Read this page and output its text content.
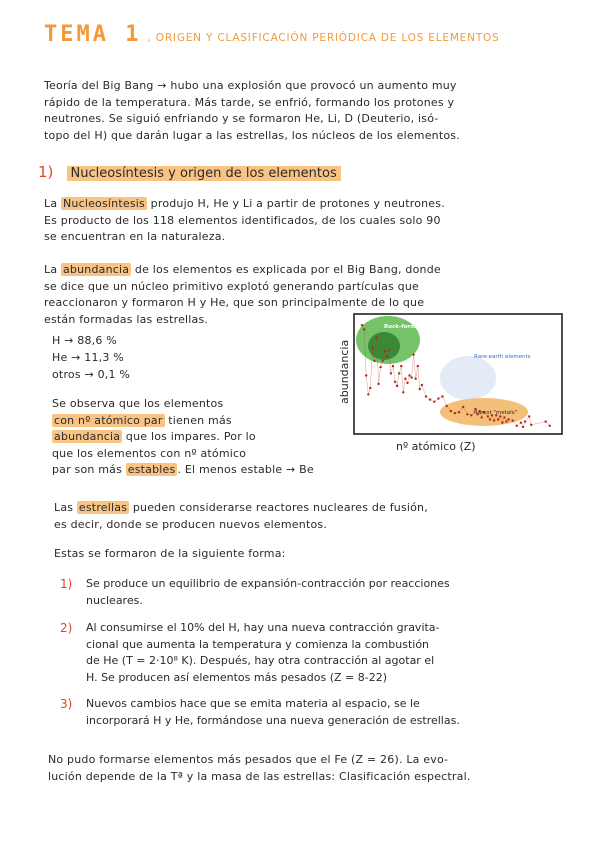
TEMA 1 , ORIGEN Y CLASIFICACIÓN PERIÓDICA DE LOS ELEMENTOS
Teoría del Big Bang → hubo una explosión que provocó un aumento muy
rápido de la temperatura. Más tarde, se enfrió, formando los protones y
neutrones. Se siguió enfriando y se formaron He, Li, D (Deuterio, isó-
topo del H) que darán lugar a las estrellas, los núcleos de los elementos.
1) Nucleosíntesis y origen de los elementos
La Nucleosíntesis produjo H, He y Li a partir de protones y neutrones.
Es producto de los 118 elementos identificados, de los cuales solo 90
se encuentran en la naturaleza.
La abundancia de los elementos es explicada por el Big Bang, donde
se dice que un núcleo primitivo explotó generando partículas que
reaccionaron y formaron H y He, que son principalmente de lo que
están formadas las estrellas.
H → 88,6 %
He → 11,3 %
otros → 0,1 %
Se observa que los elementos
con nº atómico par tienen más
abundancia que los impares. Por lo
que los elementos con nº atómico
par son más estables . El menos estable → Be
Rock-forming elements
Rare-earth elements
Rarest "metals"
abundancia
nº atómico (Z)
Las estrellas pueden considerarse reactores nucleares de fusión,
es decir, donde se producen nuevos elementos.
Estas se formaron de la siguiente forma:
1) Se produce un equilibrio de expansión-contracción por reacciones
nucleares.
2) Al consumirse el 10% del H, hay una nueva contracción gravita-
cional que aumenta la temperatura y comienza la combustión
de He (T = 2·10⁸ K). Después, hay otra contracción al agotar el
H. Se producen así elementos más pesados (Z = 8-22)
3) Nuevos cambios hace que se emita materia al espacio, se le
incorporará H y He, formándose una nueva generación de estrellas.
No pudo formarse elementos más pesados que el Fe (Z = 26). La evo-
lución depende de la Tª y la masa de las estrellas: Clasificación espectral.
